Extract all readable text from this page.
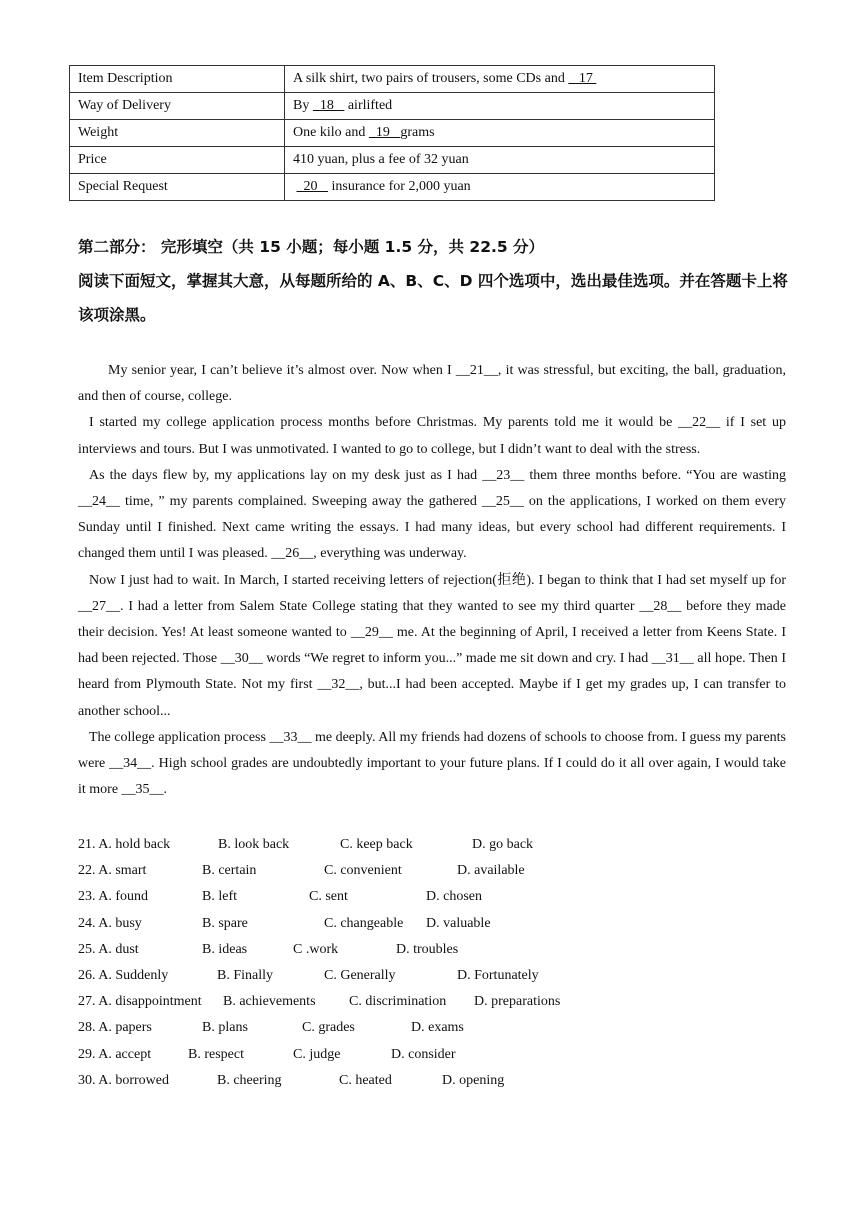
Item Description	A silk shirt, two pairs of trousers, some CDs and    17
Way of Delivery	By   18    airlifted
Weight	One kilo and   19   grams
Price	410 yuan, plus a fee of 32 yuan
Special Request	20    insurance for 2,000 yuan
第二部分： 完形填空（共 15 小题；每小题 1.5 分，共 22.5 分）
阅读下面短文，掌握其大意，从每题所给的 A、B、C、D 四个选项中，选出最佳选项。并在答题卡上将该项涂黑。

My senior year, I can’t believe it’s almost over. Now when I __21__, it was stressful, but exciting, the ball, graduation, and then of course, college.

I started my college application process months before Christmas. My parents told me it would be __22__ if I set up interviews and tours. But I was unmotivated. I wanted to go to college, but I didn’t want to deal with the stress.

As the days flew by, my applications lay on my desk just as I had __23__ them three months before. “You are wasting __24__ time, ” my parents complained. Sweeping away the gathered __25__ on the applications, I worked on them every Sunday until I finished. Next came writing the essays. I had many ideas, but every school had different requirements. I changed them until I was pleased. __26__, everything was underway.

Now I just had to wait. In March, I started receiving letters of rejection(拒绝). I began to think that I had set myself up for __27__. I had a letter from Salem State College stating that they wanted to see my third quarter __28__ before they made their decision. Yes! At least someone wanted to __29__ me. At the beginning of April, I received a letter from Keens State. I had been rejected. Those __30__ words “We regret to inform you...” made me sit down and cry. I had __31__ all hope. Then I heard from Plymouth State. Not my first __32__, but...I had been accepted. Maybe if I get my grades up, I can transfer to another school...

The college application process __33__ me deeply. All my friends had dozens of schools to choose from. I guess my parents were __34__. High school grades are undoubtedly important to your future plans. If I could do it all over again, I would take it more __35__.

21. A. hold back	B. look back	C. keep back	D. go back
22. A. smart	B. certain	C. convenient	D. available
23. A. found	B. left	C. sent	D. chosen
24. A. busy	B. spare	C. changeable D. valuable
25. A. dust	B. ideas	C .work	D. troubles
26. A. Suddenly	B. Finally	C. Generally	D. Fortunately
27. A. disappointment B. achievements C. discrimination D. preparations
28. A. papers	B. plans	C. grades	D. exams
29. A. accept	B. respect	C. judge	D. consider
30. A. borrowed	B. cheering	C. heated	D. opening
